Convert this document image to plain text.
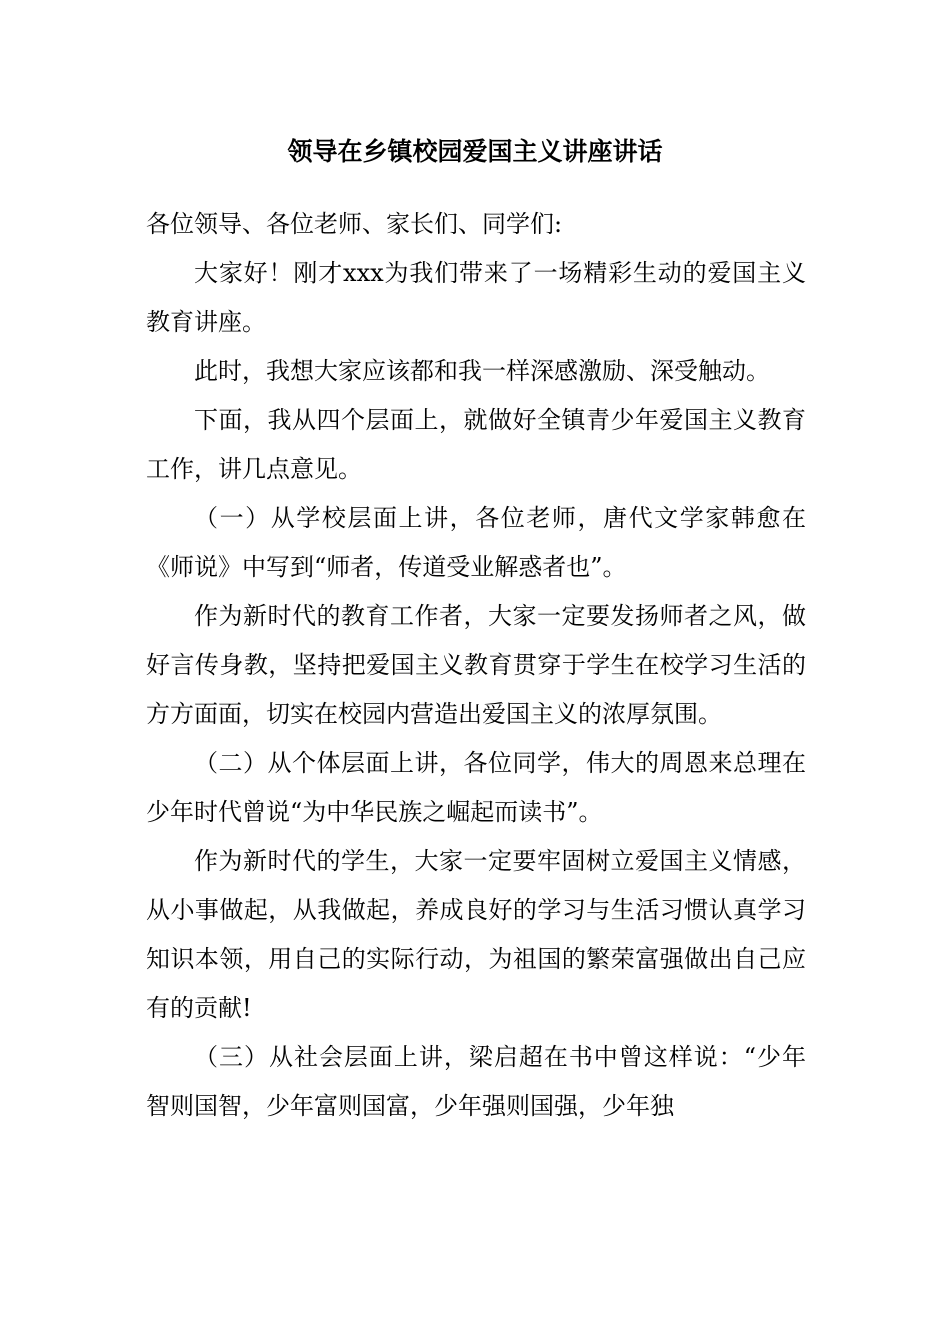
领导在乡镇校园爱国主义讲座讲话

各位领导、各位老师、家长们、同学们:

大家好！刚才xxx为我们带来了一场精彩生动的爱国主义教育讲座。

此时，我想大家应该都和我一样深感激励、深受触动。

下面，我从四个层面上，就做好全镇青少年爱国主义教育工作，讲几点意见。

（一）从学校层面上讲，各位老师，唐代文学家韩愈在《师说》中写到“师者，传道受业解惑者也”。

作为新时代的教育工作者，大家一定要发扬师者之风，做好言传身教，坚持把爱国主义教育贯穿于学生在校学习生活的方方面面，切实在校园内营造出爱国主义的浓厚氛围。

（二）从个体层面上讲，各位同学，伟大的周恩来总理在少年时代曾说“为中华民族之崛起而读书”。

作为新时代的学生，大家一定要牢固树立爱国主义情感，从小事做起，从我做起，养成良好的学习与生活习惯认真学习知识本领，用自己的实际行动，为祖国的繁荣富强做出自己应有的贡献!

（三）从社会层面上讲，梁启超在书中曾这样说：“少年智则国智，少年富则国富，少年强则国强，少年独
